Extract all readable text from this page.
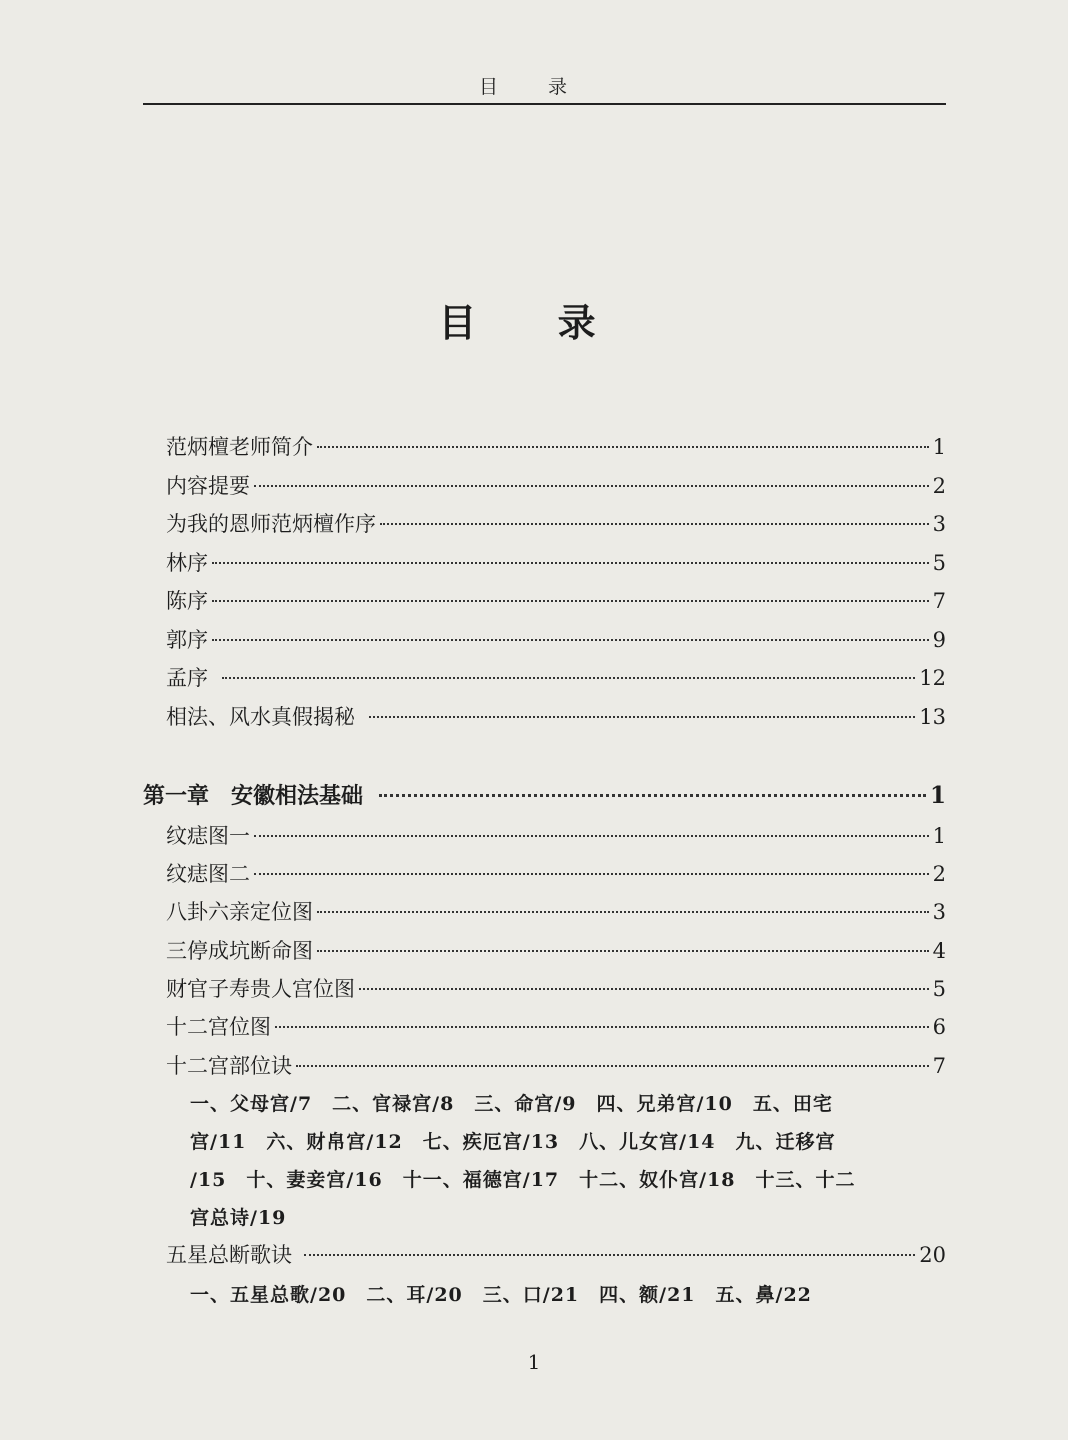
目 录
目 录
范炳檀老师简介	1
内容提要	2
为我的恩师范炳檀作序	3
林序	5
陈序	7
郭序	9
孟序	12
相法、风水真假揭秘	13
第一章　安徽相法基础	1
纹痣图一	1
纹痣图二	2
八卦六亲定位图	3
三停成坑断命图	4
财官子寿贵人宫位图	5
十二宫位图	6
十二宫部位诀	7
一、父母宫/7　二、官禄宫/8　三、命宫/9　四、兄弟宫/10　五、田宅
宫/11　六、财帛宫/12　七、疾厄宫/13　八、儿女宫/14　九、迁移宫
/15　十、妻妾宫/16　十一、福德宫/17　十二、奴仆宫/18　十三、十二
宫总诗/19
五星总断歌诀	20
一、五星总歌/20　二、耳/20　三、口/21　四、额/21　五、鼻/22
1
